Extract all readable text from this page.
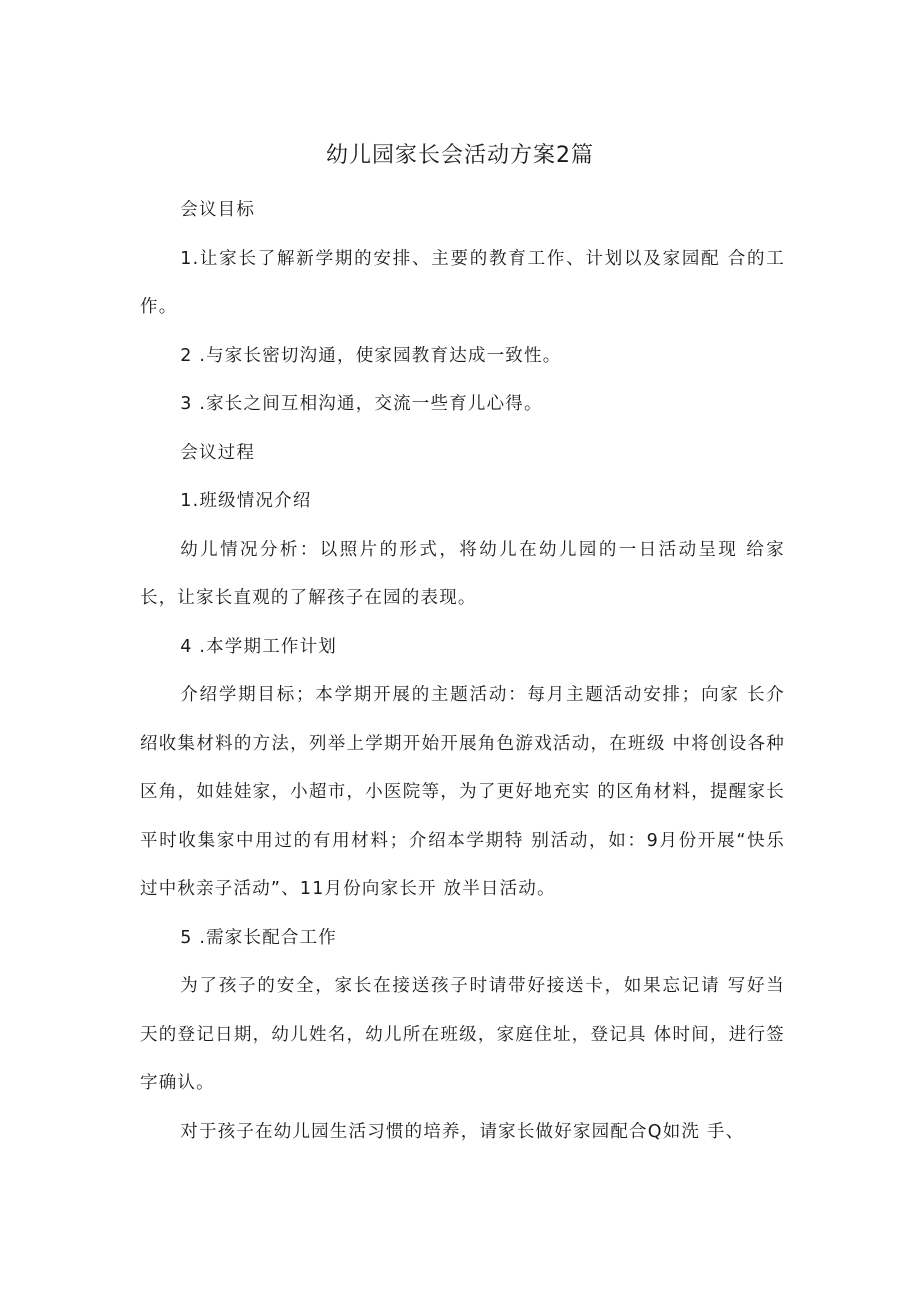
幼儿园家长会活动方案2篇

会议目标

1.让家长了解新学期的安排、主要的教育工作、计划以及家园配 合的工作。

2 .与家长密切沟通，使家园教育达成一致性。

3 .家长之间互相沟通，交流一些育儿心得。

会议过程

1.班级情况介绍

幼儿情况分析：以照片的形式，将幼儿在幼儿园的一日活动呈现 给家长，让家长直观的了解孩子在园的表现。

4 .本学期工作计划

介绍学期目标；本学期开展的主题活动：每月主题活动安排；向家 长介绍收集材料的方法，列举上学期开始开展角色游戏活动，在班级 中将创设各种区角，如娃娃家，小超市，小医院等，为了更好地充实 的区角材料，提醒家长平时收集家中用过的有用材料；介绍本学期特 别活动，如：9月份开展“快乐过中秋亲子活动”、11月份向家长开 放半日活动。

5 .需家长配合工作

为了孩子的安全，家长在接送孩子时请带好接送卡，如果忘记请 写好当天的登记日期，幼儿姓名，幼儿所在班级，家庭住址，登记具 体时间，进行签字确认。

对于孩子在幼儿园生活习惯的培养，请家长做好家园配合Q如洗 手、
